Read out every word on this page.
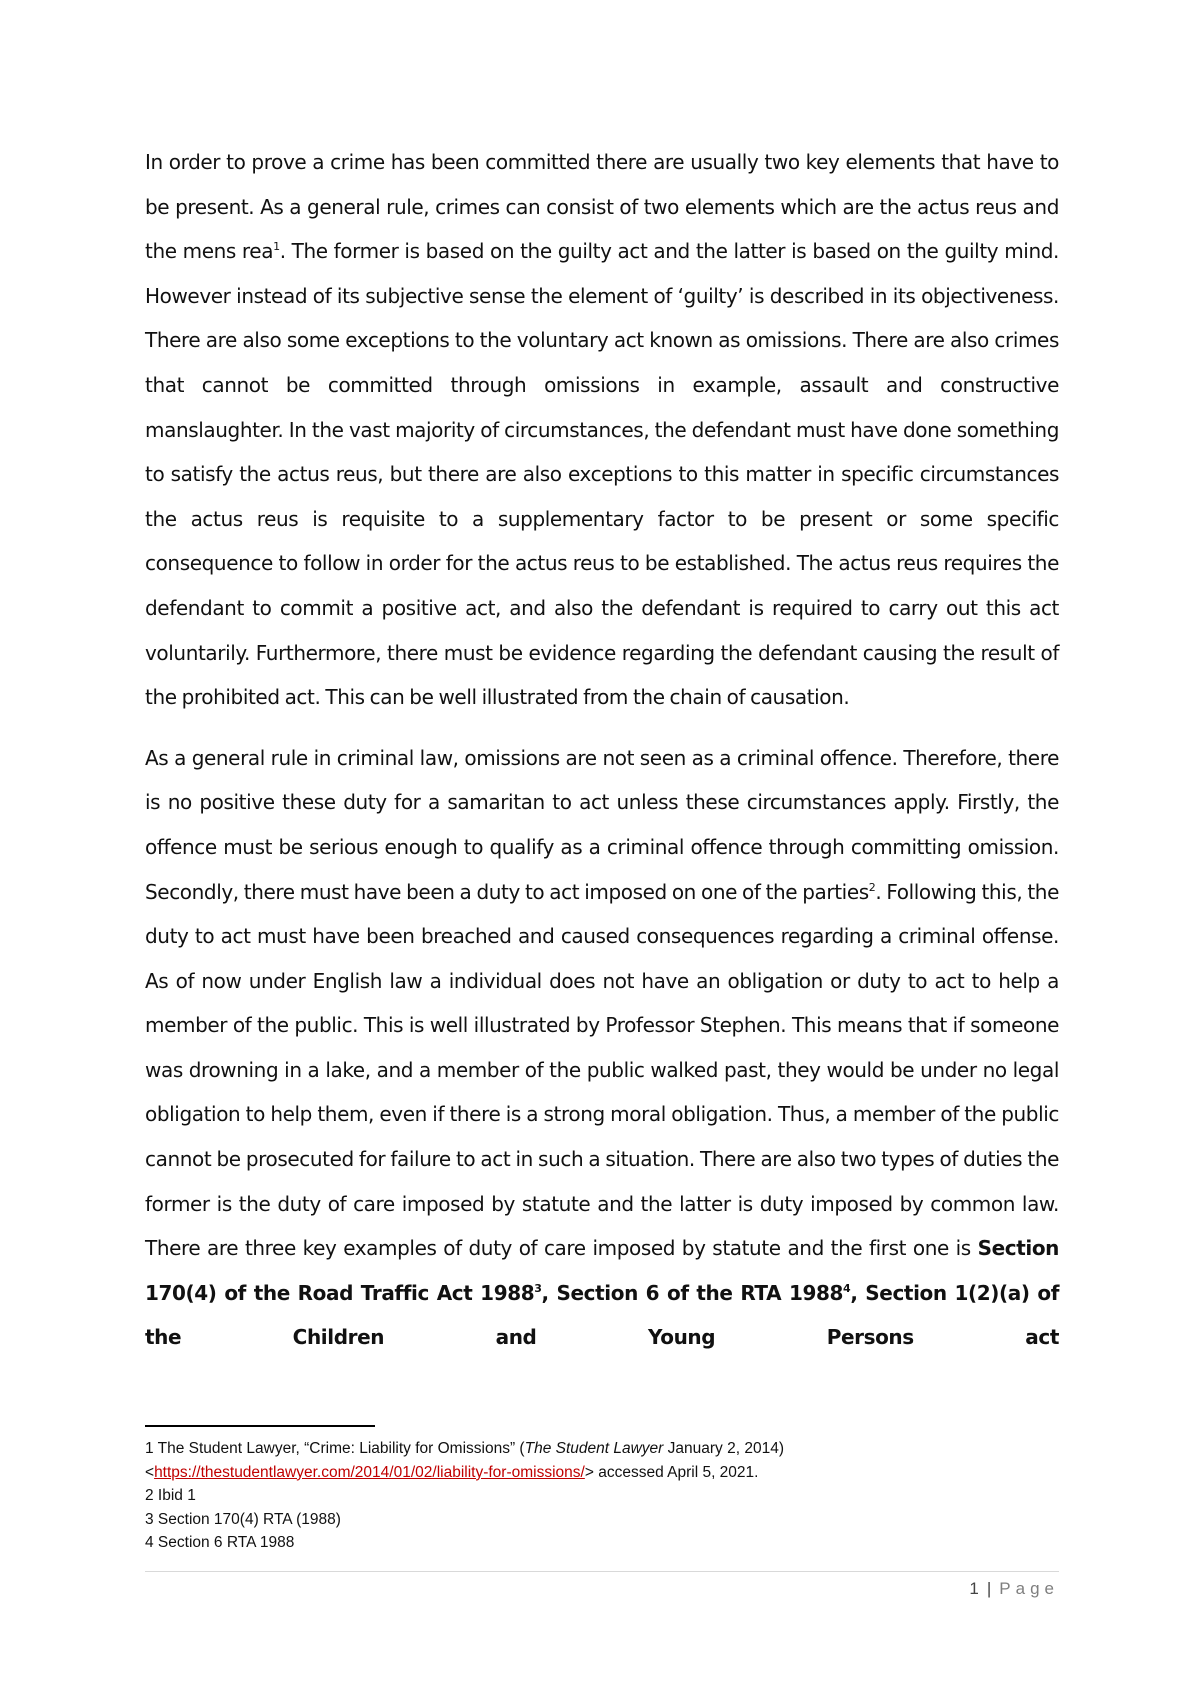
In order to prove a crime has been committed there are usually two key elements that have to be present. As a general rule, crimes can consist of two elements which are the actus reus and the mens rea$^1$. The former is based on the guilty act and the latter is based on the guilty mind. However instead of its subjective sense the element of ‘guilty’ is described in its objectiveness. There are also some exceptions to the voluntary act known as omissions. There are also crimes that cannot be committed through omissions in example, assault and constructive manslaughter. In the vast majority of circumstances, the defendant must have done something to satisfy the actus reus, but there are also exceptions to this matter in specific circumstances the actus reus is requisite to a supplementary factor to be present or some specific consequence to follow in order for the actus reus to be established. The actus reus requires the defendant to commit a positive act, and also the defendant is required to carry out this act voluntarily. Furthermore, there must be evidence regarding the defendant causing the result of the prohibited act. This can be well illustrated from the chain of causation.

As a general rule in criminal law, omissions are not seen as a criminal offence. Therefore, there is no positive these duty for a samaritan to act unless these circumstances apply. Firstly, the offence must be serious enough to qualify as a criminal offence through committing omission. Secondly, there must have been a duty to act imposed on one of the parties$^2$. Following this, the duty to act must have been breached and caused consequences regarding a criminal offense. As of now under English law a individual does not have an obligation or duty to act to help a member of the public. This is well illustrated by Professor Stephen. This means that if someone was drowning in a lake, and a member of the public walked past, they would be under no legal obligation to help them, even if there is a strong moral obligation. Thus, a member of the public cannot be prosecuted for failure to act in such a situation. There are also two types of duties the former is the duty of care imposed by statute and the latter is duty imposed by common law. There are three key examples of duty of care imposed by statute and the first one is Section 170(4) of the Road Traffic Act 1988$^3$, Section 6 of the RTA 1988$^4$, Section 1(2)(a) of the Children and Young Persons act

1 The Student Lawyer, “Crime: Liability for Omissions” (The Student Lawyer January 2, 2014)

<https://thestudentlawyer.com/2014/01/02/liability-for-omissions/> accessed April 5, 2021.

2 Ibid 1

3 Section 170(4) RTA (1988)

4 Section 6 RTA 1988

1 | Page
